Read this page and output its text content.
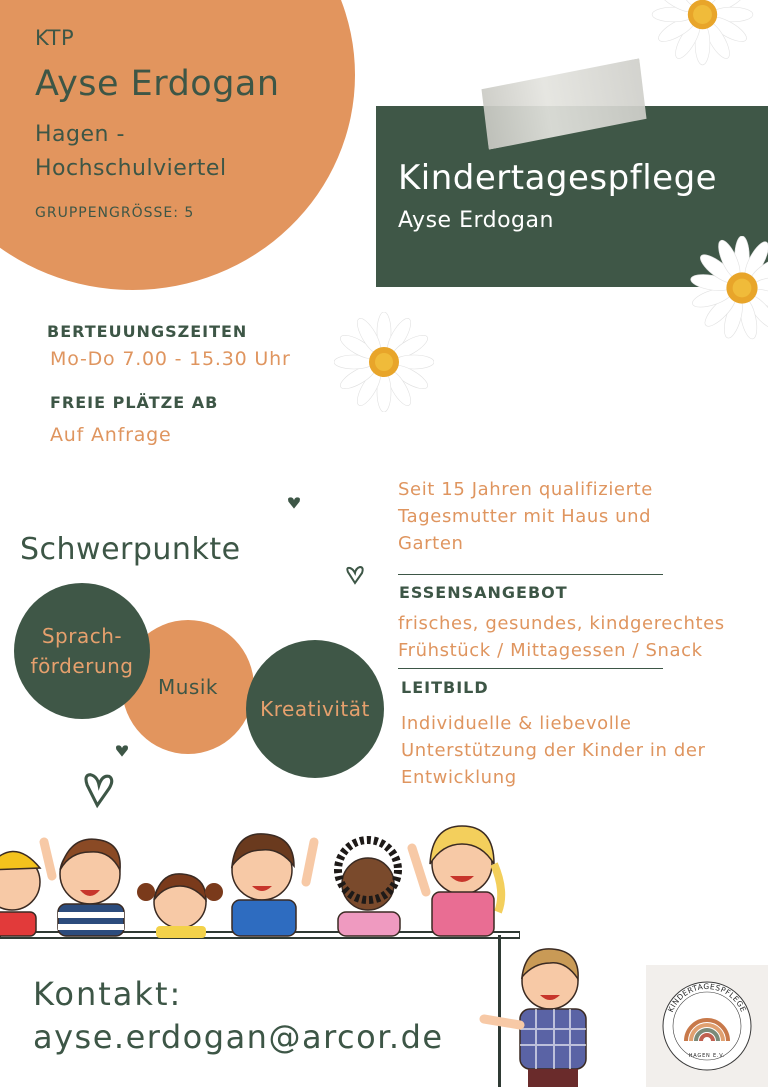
KTP
Ayse Erdogan
Hagen -
Hochschulviertel
GRUPPENGRÖSSE: 5
Kindertagespflege
Ayse Erdogan
BERTEUUNGSZEITEN
Mo-Do 7.00 - 15.30 Uhr
FREIE PLÄTZE AB
Auf Anfrage
Schwerpunkte
Musik
Sprach-
förderung
Kreativität
Seit 15 Jahren qualifizierte
Tagesmutter mit Haus und
Garten
ESSENSANGEBOT
frisches, gesundes, kindgerechtes
Frühstück / Mittagessen / Snack
LEITBILD
Individuelle & liebevolle
Unterstützung der Kinder in der
Entwicklung
Kontakt:
ayse.erdogan@arcor.de
KINDERTAGESPFLEGE
HAGEN E.V.
